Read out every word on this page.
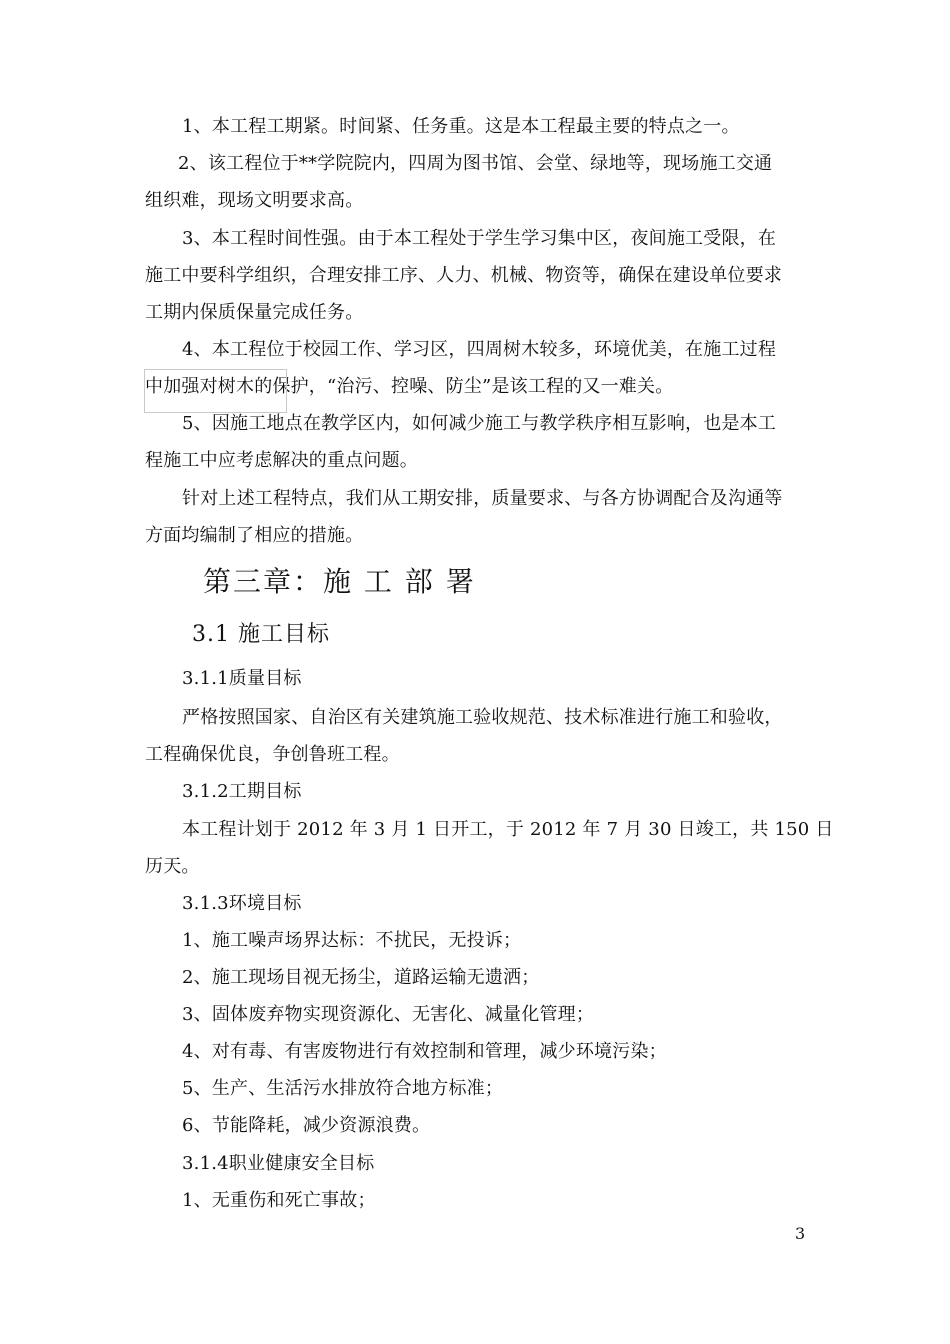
1、本工程工期紧。时间紧、任务重。这是本工程最主要的特点之一。
2、该工程位于**学院院内，四周为图书馆、会堂、绿地等，现场施工交通
组织难，现场文明要求高。
3、本工程时间性强。由于本工程处于学生学习集中区，夜间施工受限，在
施工中要科学组织，合理安排工序、人力、机械、物资等，确保在建设单位要求
工期内保质保量完成任务。
4、本工程位于校园工作、学习区，四周树木较多，环境优美，在施工过程
中加强对树木的保护，“治污、控噪、防尘”是该工程的又一难关。
5、因施工地点在教学区内，如何减少施工与教学秩序相互影响，也是本工
程施工中应考虑解决的重点问题。
针对上述工程特点，我们从工期安排，质量要求、与各方协调配合及沟通等
方面均编制了相应的措施。
第三章：施 工 部 署
3.1 施工目标
3.1.1质量目标
严格按照国家、自治区有关建筑施工验收规范、技术标准进行施工和验收，
工程确保优良，争创鲁班工程。
3.1.2工期目标
本工程计划于 2012 年 3 月 1 日开工，于 2012 年 7 月 30 日竣工，共 150 日
历天。
3.1.3环境目标
1、施工噪声场界达标：不扰民，无投诉；
2、施工现场目视无扬尘，道路运输无遗洒；
3、固体废弃物实现资源化、无害化、减量化管理；
4、对有毒、有害废物进行有效控制和管理，减少环境污染；
5、生产、生活污水排放符合地方标准；
6、节能降耗，减少资源浪费。
3.1.4职业健康安全目标
1、无重伤和死亡事故；
3
